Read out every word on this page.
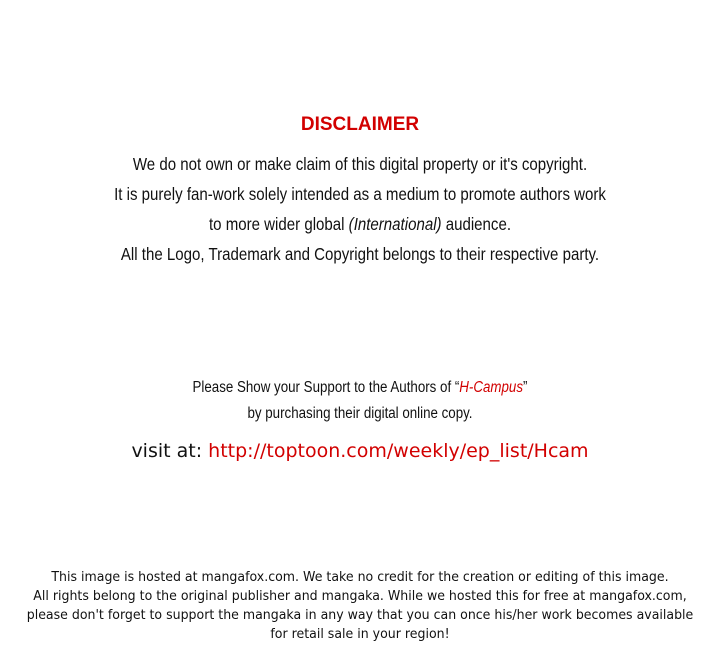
DISCLAIMER
We do not own or make claim of this digital property or it's copyright.
It is purely fan-work solely intended as a medium to promote authors work
to more wider global (International) audience.
All the Logo, Trademark and Copyright belongs to their respective party.
Please Show your Support to the Authors of “H-Campus”
by purchasing their digital online copy.
visit at: http://toptoon.com/weekly/ep_list/Hcam
This image is hosted at mangafox.com. We take no credit for the creation or editing of this image.
All rights belong to the original publisher and mangaka. While we hosted this for free at mangafox.com,
please don't forget to support the mangaka in any way that you can once his/her work becomes available
for retail sale in your region!
